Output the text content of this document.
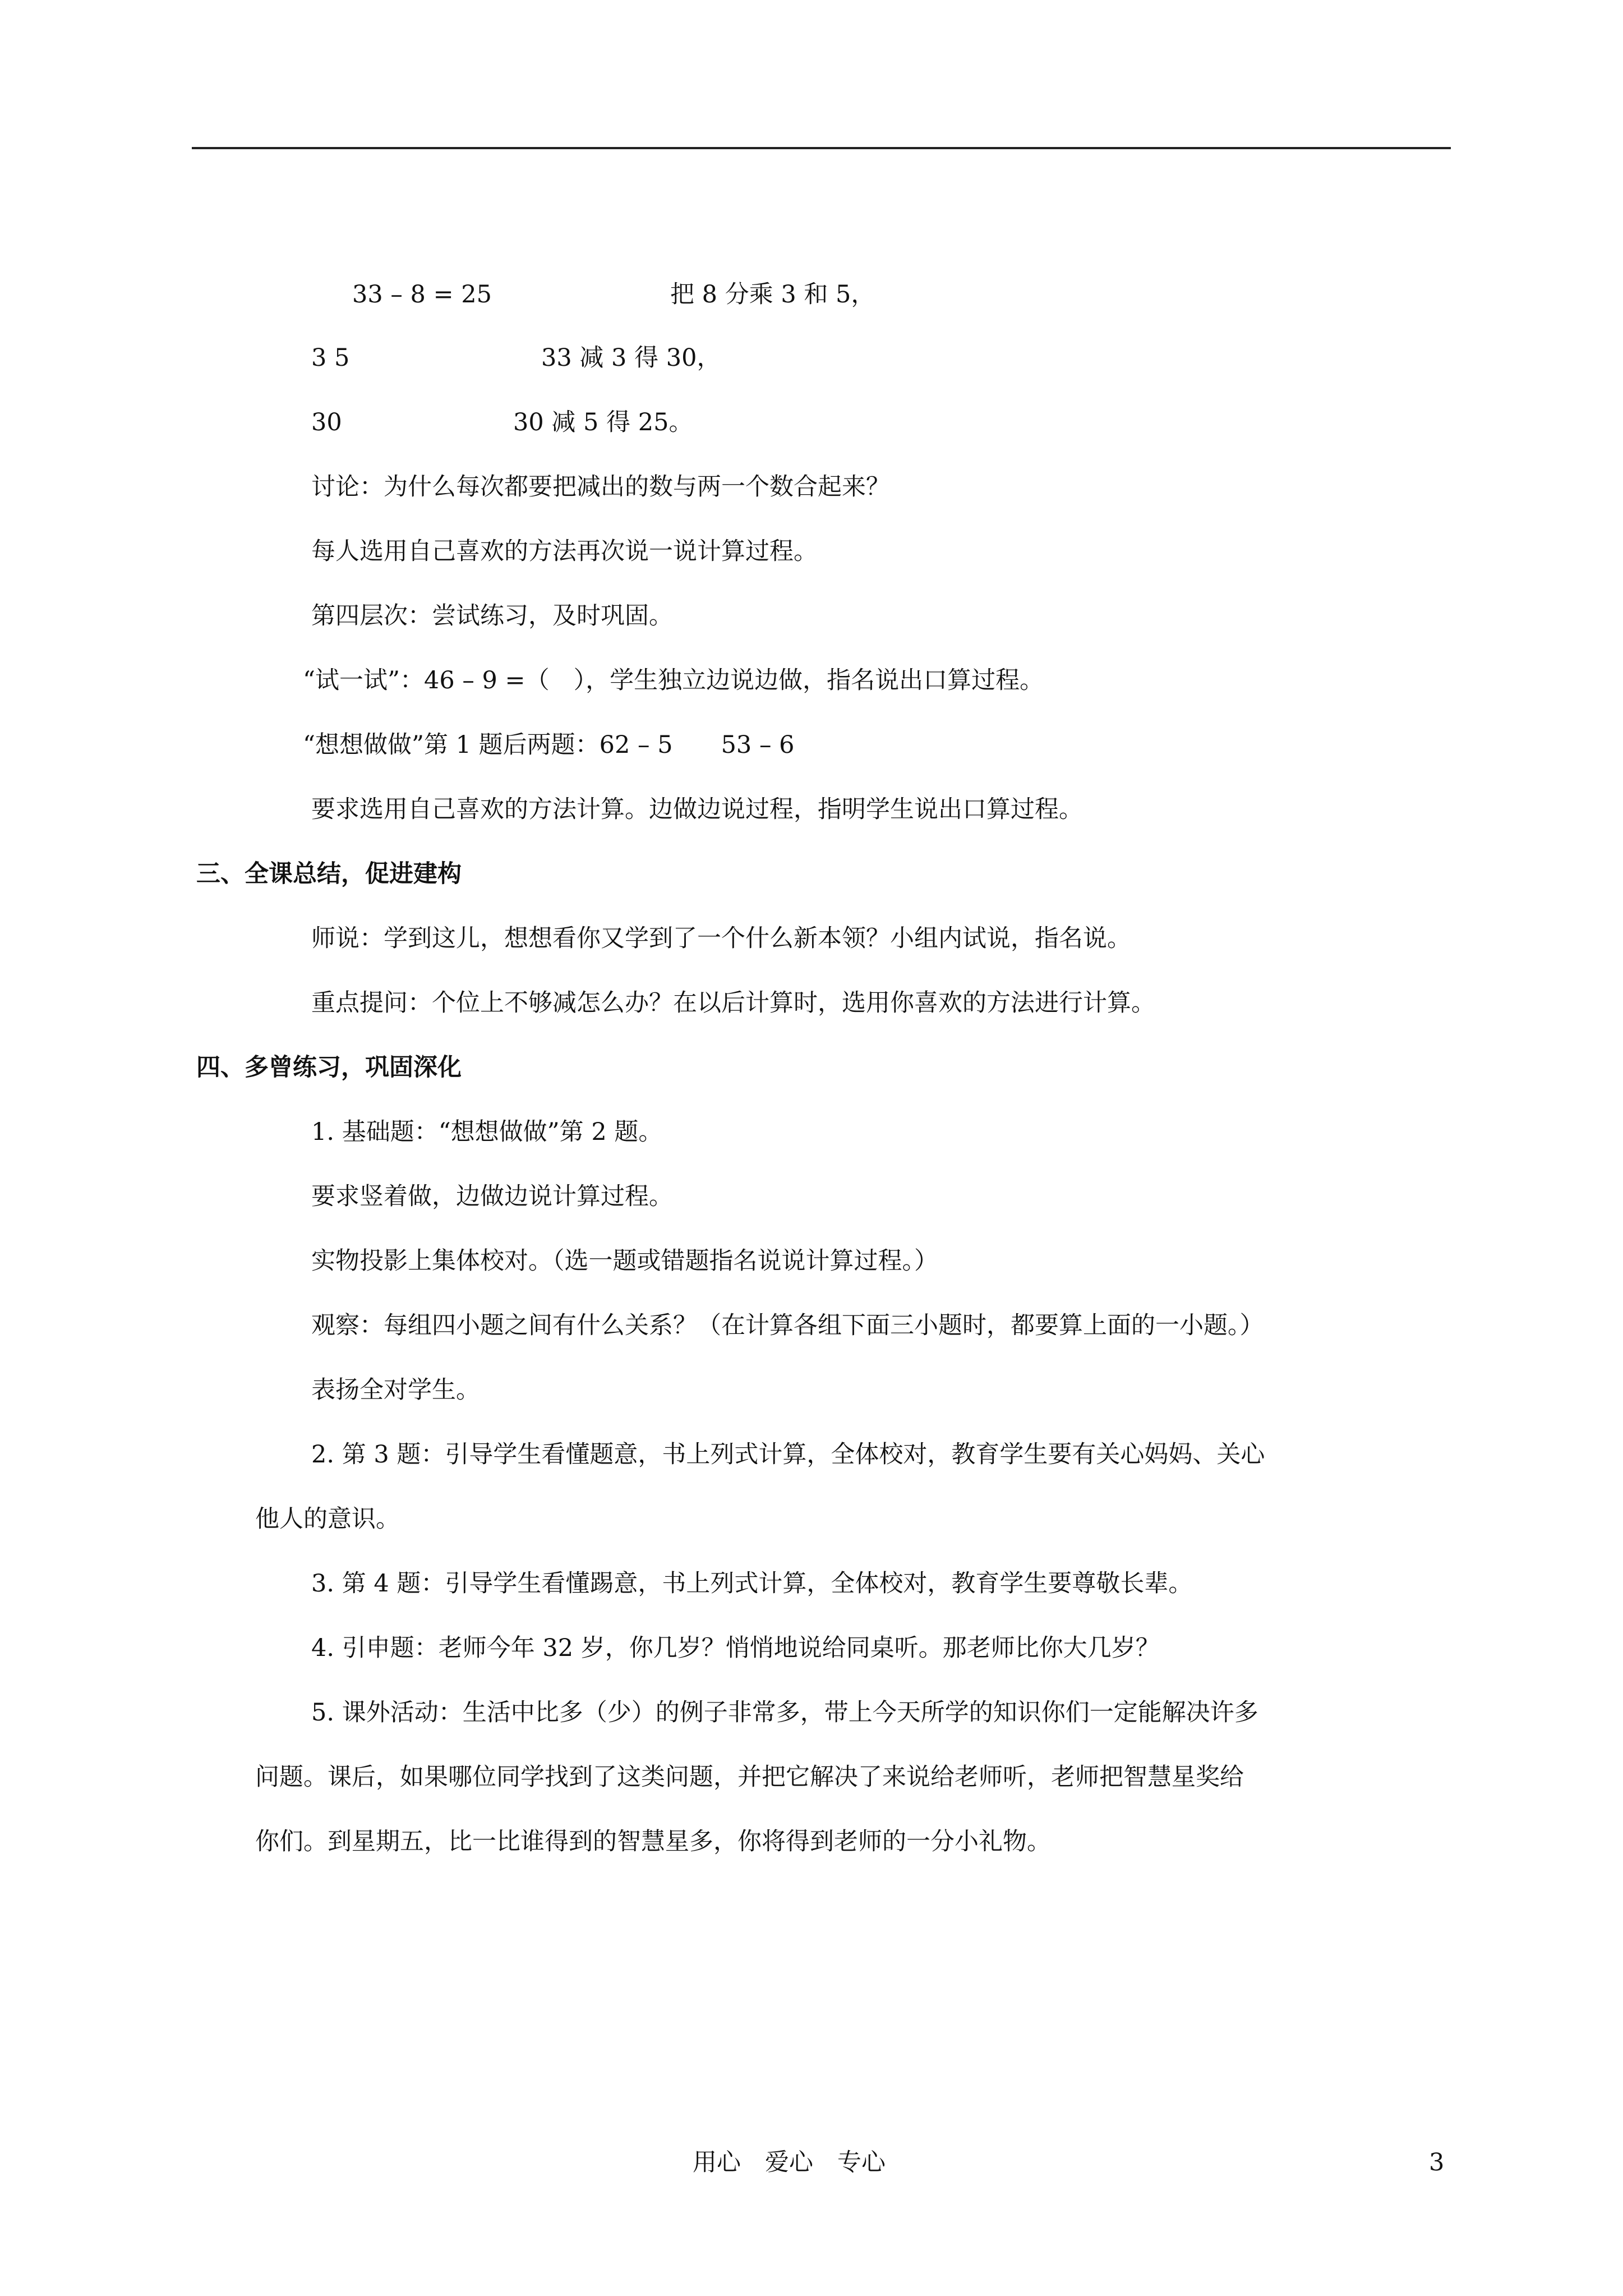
33 – 8 = 25	把 8 分乘 3 和 5，
3 5	33 减 3 得 30，
30	30 减 5 得 25。
讨论：为什么每次都要把减出的数与两一个数合起来？
每人选用自己喜欢的方法再次说一说计算过程。
第四层次：尝试练习，及时巩固。
“试一试”：46 – 9 =（　），学生独立边说边做，指名说出口算过程。
“想想做做”第 1 题后两题：62 – 5　　53 – 6
要求选用自己喜欢的方法计算。边做边说过程，指明学生说出口算过程。
三、全课总结，促进建构
师说：学到这儿，想想看你又学到了一个什么新本领？小组内试说，指名说。
重点提问：个位上不够减怎么办？在以后计算时，选用你喜欢的方法进行计算。
四、多曾练习，巩固深化
1. 基础题：“想想做做”第 2 题。
要求竖着做，边做边说计算过程。
实物投影上集体校对。（选一题或错题指名说说计算过程。）
观察：每组四小题之间有什么关系？（在计算各组下面三小题时，都要算上面的一小题。）
表扬全对学生。
2. 第 3 题：引导学生看懂题意，书上列式计算，全体校对，教育学生要有关心妈妈、关心
他人的意识。
3. 第 4 题：引导学生看懂踢意，书上列式计算，全体校对，教育学生要尊敬长辈。
4. 引申题：老师今年 32 岁，你几岁？悄悄地说给同桌听。那老师比你大几岁？
5. 课外活动：生活中比多（少）的例子非常多，带上今天所学的知识你们一定能解决许多
问题。课后，如果哪位同学找到了这类问题，并把它解决了来说给老师听，老师把智慧星奖给
你们。到星期五，比一比谁得到的智慧星多，你将得到老师的一分小礼物。
用心　爱心　专心	3
